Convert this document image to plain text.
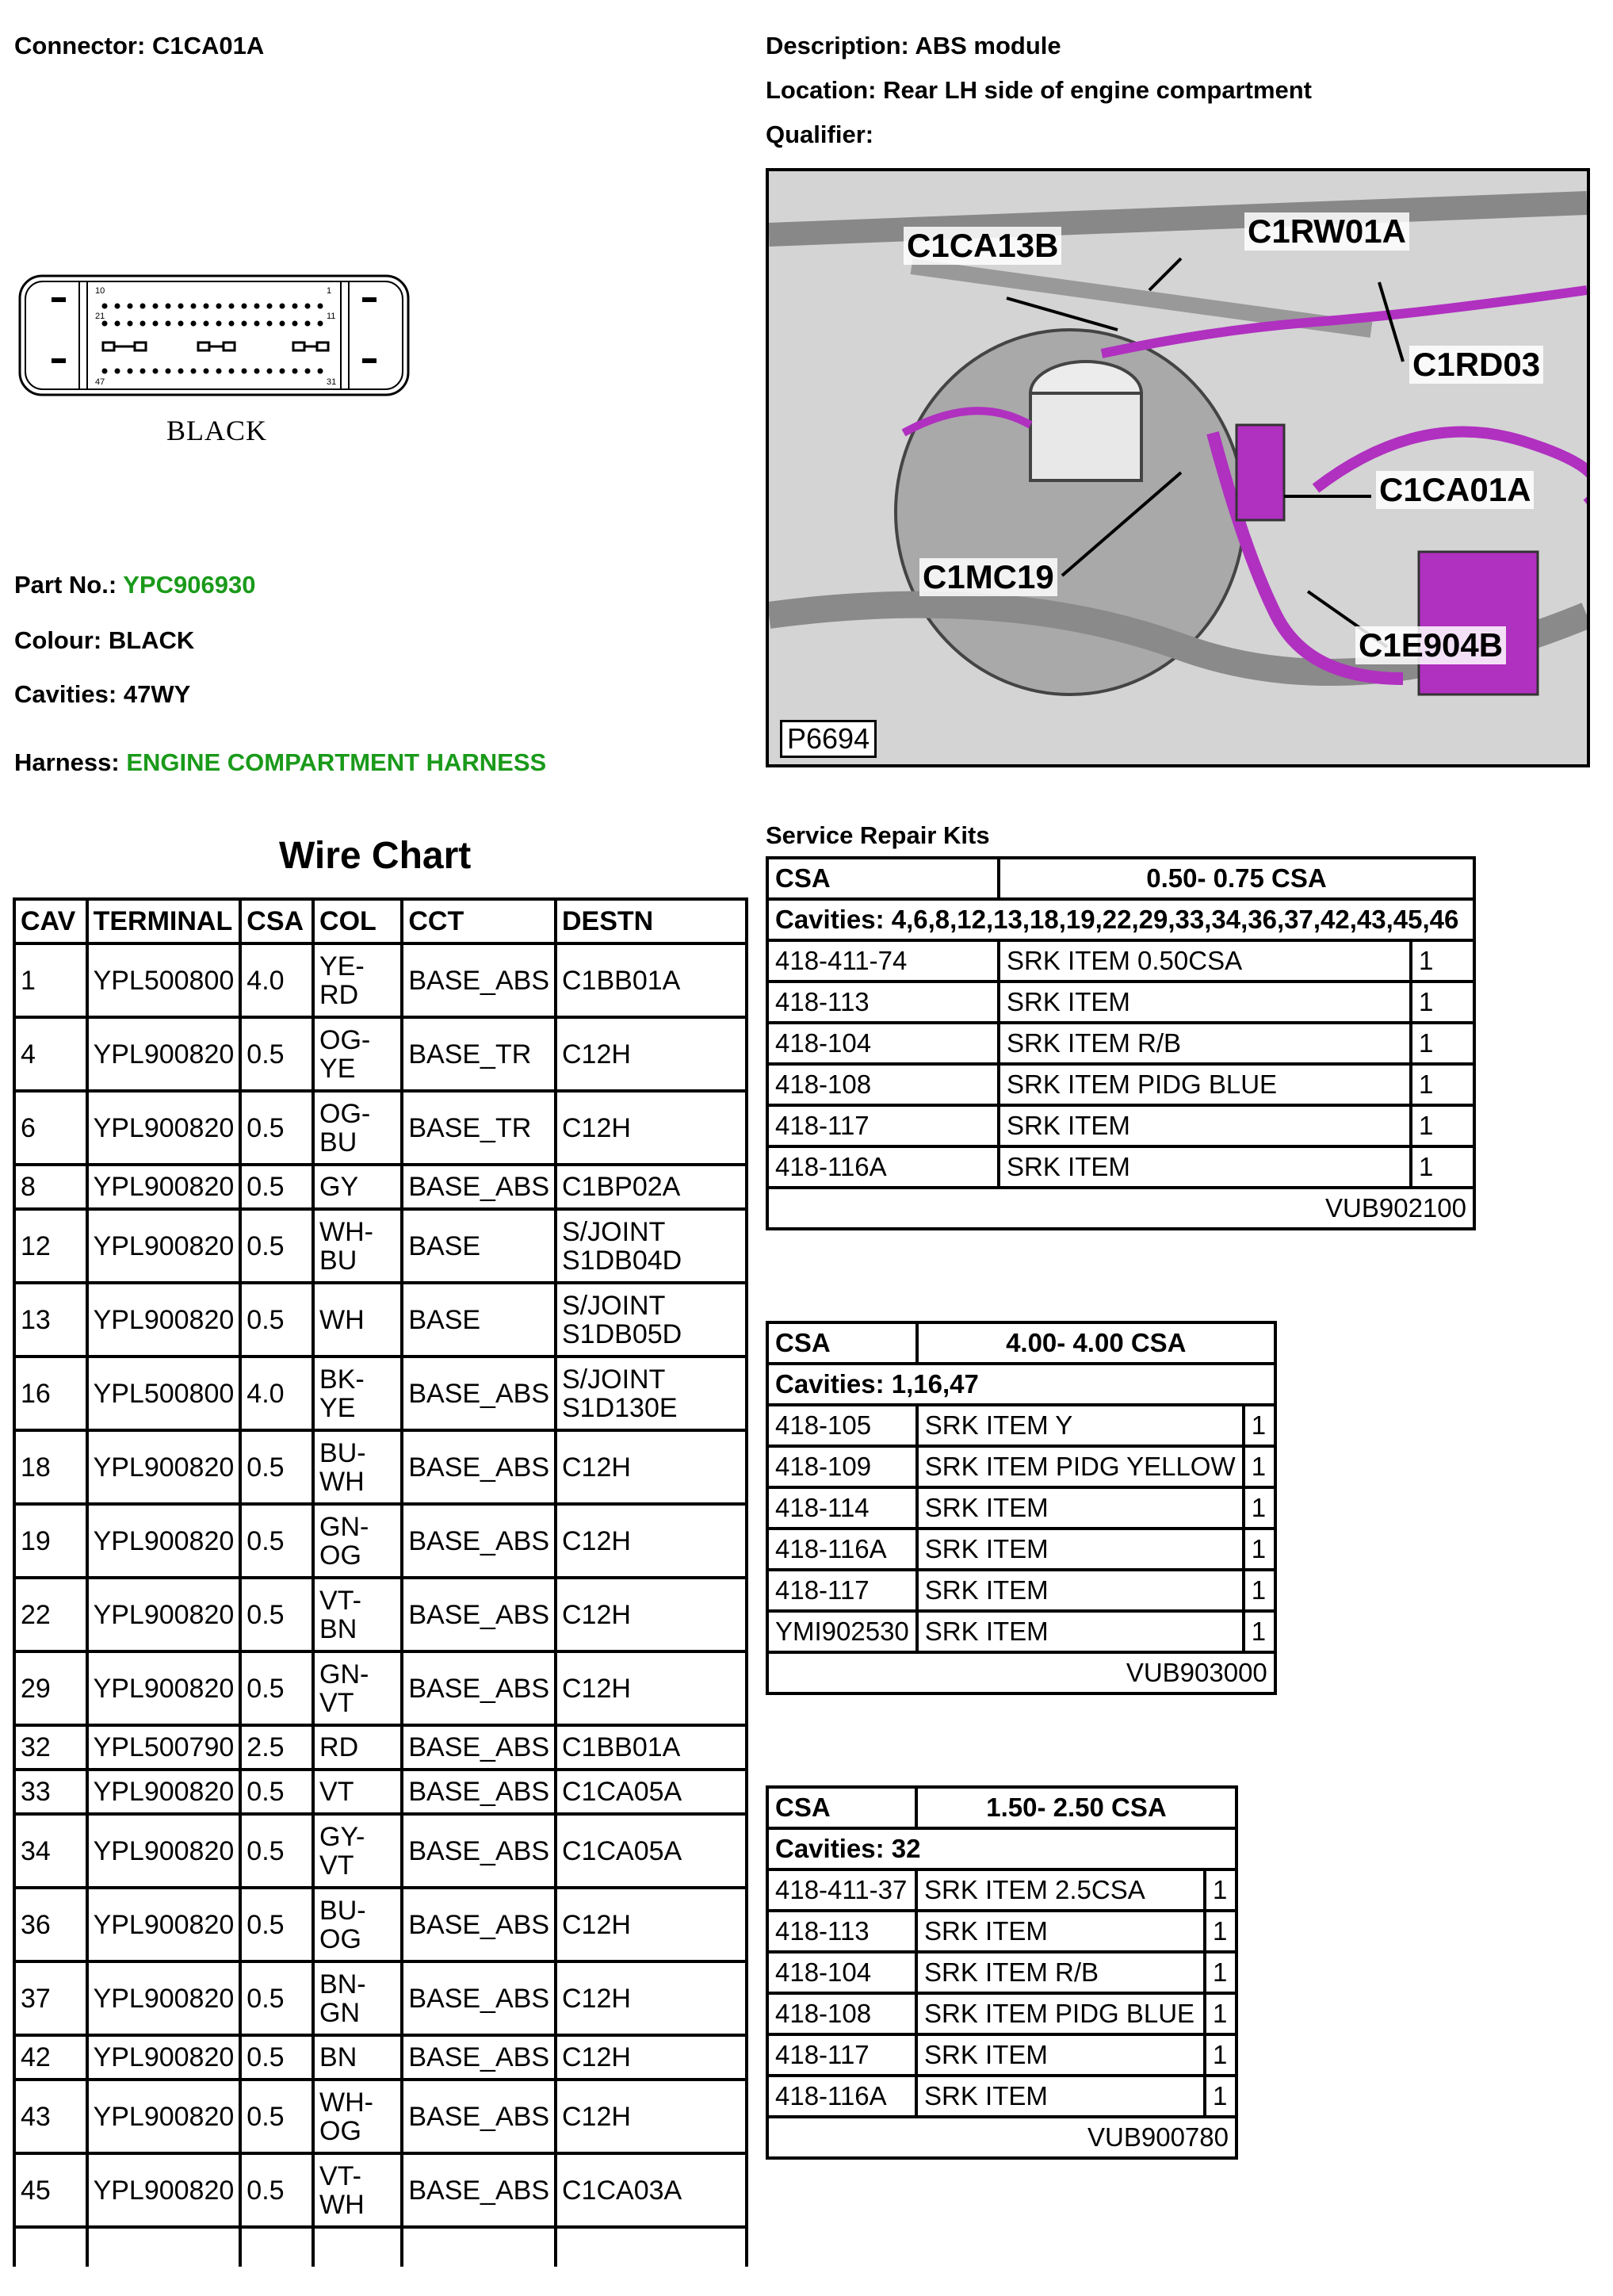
Connector: C1CA01A	Description: ABS module
Location: Rear LH side of engine compartment
Qualifier:
10	1
21	11
47	31
BLACK
Part No.: YPC906930
Colour: BLACK
Cavities: 47WY
Harness: ENGINE COMPARTMENT HARNESS
C1CA13B	C1RW01A
C1RD03
C1CA01A
C1MC19
C1E904B
P6694
Wire Chart
CAV	TERMINAL	CSA	COL	CCT	DESTN
1	YPL500800	4.0	YE-RD	BASE_ABS	C1BB01A
4	YPL900820	0.5	OG-YE	BASE_TR	C12H
6	YPL900820	0.5	OG-BU	BASE_TR	C12H
8	YPL900820	0.5	GY	BASE_ABS	C1BP02A
12	YPL900820	0.5	WH-BU	BASE	S/JOINT S1DB04D
13	YPL900820	0.5	WH	BASE	S/JOINT S1DB05D
16	YPL500800	4.0	BK-YE	BASE_ABS	S/JOINT S1D130E
18	YPL900820	0.5	BU-WH	BASE_ABS	C12H
19	YPL900820	0.5	GN-OG	BASE_ABS	C12H
22	YPL900820	0.5	VT-BN	BASE_ABS	C12H
29	YPL900820	0.5	GN-VT	BASE_ABS	C12H
32	YPL500790	2.5	RD	BASE_ABS	C1BB01A
33	YPL900820	0.5	VT	BASE_ABS	C1CA05A
34	YPL900820	0.5	GY-VT	BASE_ABS	C1CA05A
36	YPL900820	0.5	BU-OG	BASE_ABS	C12H
37	YPL900820	0.5	BN-GN	BASE_ABS	C12H
42	YPL900820	0.5	BN	BASE_ABS	C12H
43	YPL900820	0.5	WH-OG	BASE_ABS	C12H
45	YPL900820	0.5	VT-WH	BASE_ABS	C1CA03A

Service Repair Kits
CSA	0.50- 0.75 CSA	
Cavities: 4,6,8,12,13,18,19,22,29,33,34,36,37,42,43,45,46		
418-411-74	SRK ITEM 0.50CSA	1
418-113	SRK ITEM	1
418-104	SRK ITEM R/B	1
418-108	SRK ITEM PIDG BLUE	1
418-117	SRK ITEM	1
418-116A	SRK ITEM	1
VUB902100		
CSA	4.00- 4.00 CSA	
Cavities: 1,16,47		
418-105	SRK ITEM Y	1
418-109	SRK ITEM PIDG YELLOW	1
418-114	SRK ITEM	1
418-116A	SRK ITEM	1
418-117	SRK ITEM	1
YMI902530	SRK ITEM	1
VUB903000		
CSA	1.50- 2.50 CSA	
Cavities: 32		
418-411-37	SRK ITEM 2.5CSA	1
418-113	SRK ITEM	1
418-104	SRK ITEM R/B	1
418-108	SRK ITEM PIDG BLUE	1
418-117	SRK ITEM	1
418-116A	SRK ITEM	1
VUB900780		
